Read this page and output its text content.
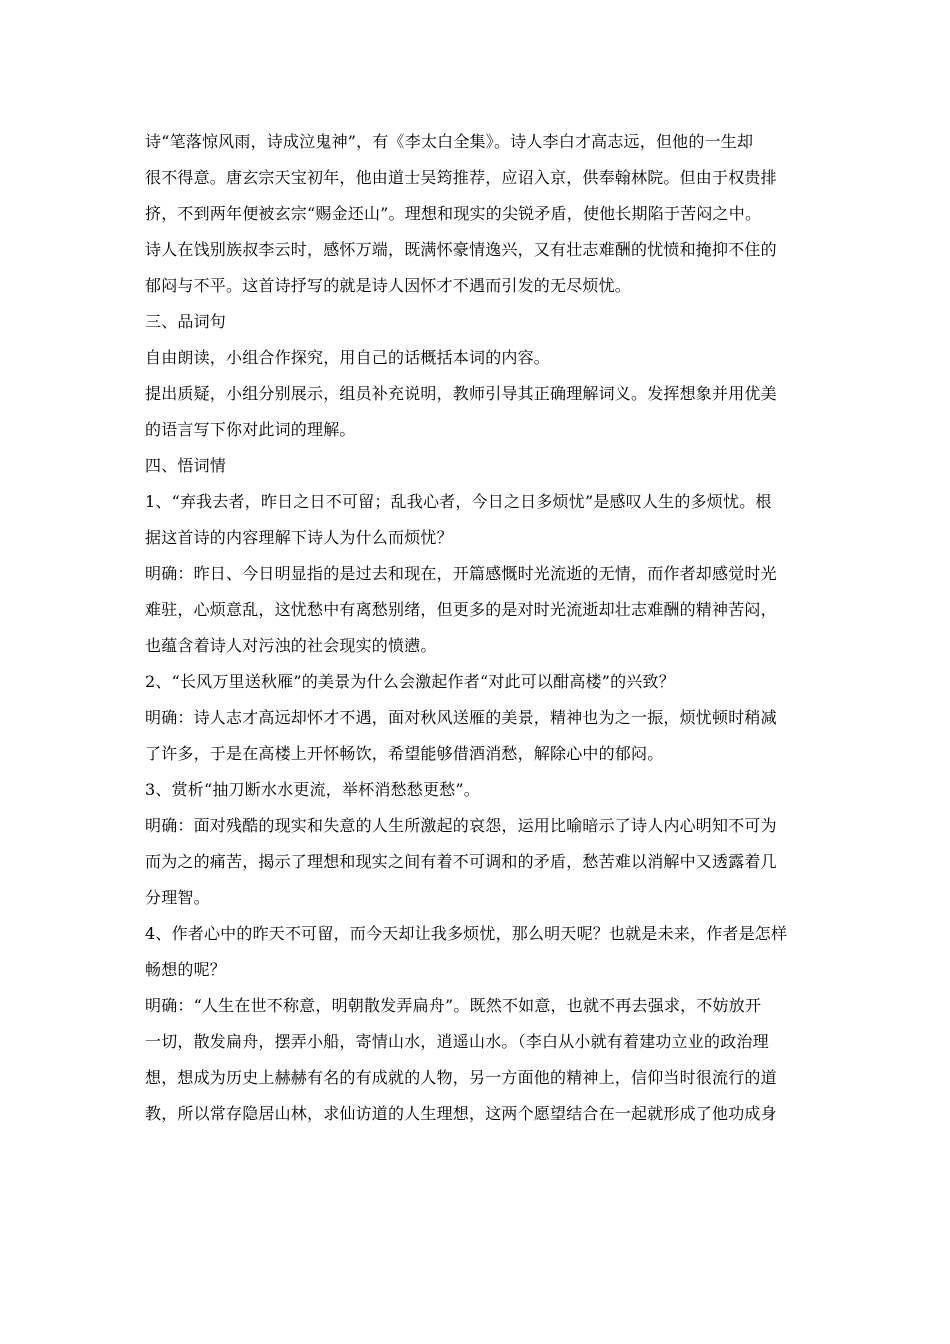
诗“笔落惊风雨，诗成泣鬼神”，有《李太白全集》。诗人李白才高志远，但他的一生却
很不得意。唐玄宗天宝初年，他由道士吴筠推荐，应诏入京，供奉翰林院。但由于权贵排
挤，不到两年便被玄宗“赐金还山”。理想和现实的尖锐矛盾，使他长期陷于苦闷之中。
诗人在饯别族叔李云时，感怀万端，既满怀豪情逸兴，又有壮志难酬的忧愤和掩抑不住的
郁闷与不平。这首诗抒写的就是诗人因怀才不遇而引发的无尽烦忧。
三、品词句
自由朗读，小组合作探究，用自己的话概括本词的内容。
提出质疑，小组分别展示，组员补充说明，教师引导其正确理解词义。发挥想象并用优美
的语言写下你对此词的理解。
四、悟词情
1、“弃我去者，昨日之日不可留；乱我心者，今日之日多烦忧”是感叹人生的多烦忧。根
据这首诗的内容理解下诗人为什么而烦忧？
明确：昨日、今日明显指的是过去和现在，开篇感慨时光流逝的无情，而作者却感觉时光
难驻，心烦意乱，这忧愁中有离愁别绪，但更多的是对时光流逝却壮志难酬的精神苦闷，
也蕴含着诗人对污浊的社会现实的愤懑。
2、“长风万里送秋雁”的美景为什么会激起作者“对此可以酣高楼”的兴致？
明确：诗人志才高远却怀才不遇，面对秋风送雁的美景，精神也为之一振，烦忧顿时稍减
了许多，于是在高楼上开怀畅饮，希望能够借酒消愁，解除心中的郁闷。
3、赏析“抽刀断水水更流，举杯消愁愁更愁”。
明确：面对残酷的现实和失意的人生所激起的哀怨，运用比喻暗示了诗人内心明知不可为
而为之的痛苦，揭示了理想和现实之间有着不可调和的矛盾，愁苦难以消解中又透露着几
分理智。
4、作者心中的昨天不可留，而今天却让我多烦忧，那么明天呢？也就是未来，作者是怎样
畅想的呢？
明确：“人生在世不称意，明朝散发弄扁舟”。既然不如意，也就不再去强求，不妨放开
一切，散发扁舟，摆弄小船，寄情山水，逍遥山水。（李白从小就有着建功立业的政治理
想，想成为历史上赫赫有名的有成就的人物，另一方面他的精神上，信仰当时很流行的道
教，所以常存隐居山林，求仙访道的人生理想，这两个愿望结合在一起就形成了他功成身
